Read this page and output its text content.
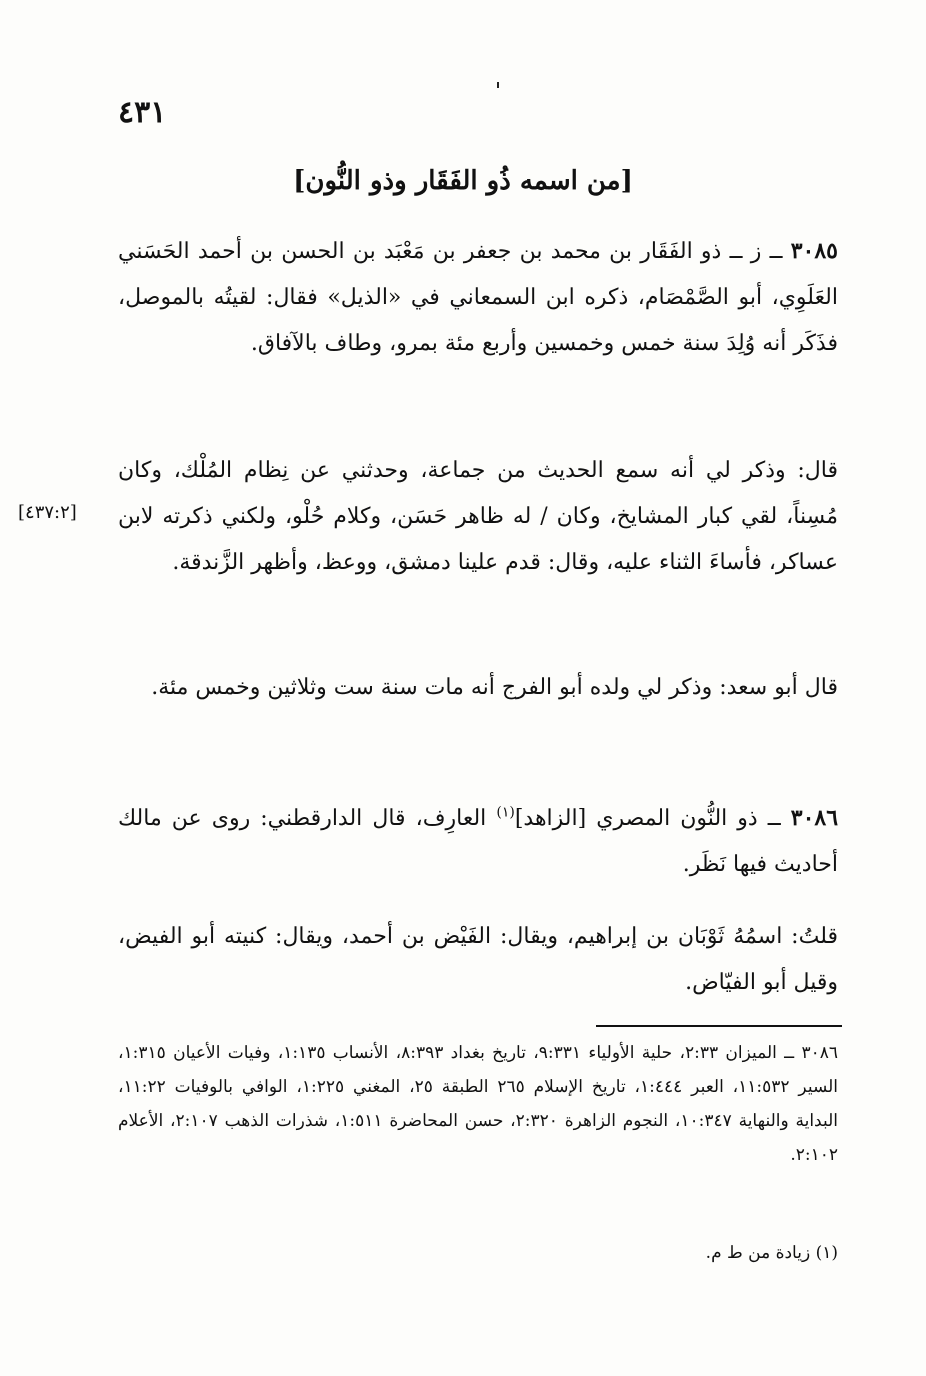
٤٣١
[من اسمه ذُو الفَقَار وذو النُّون]
٣٠٨٥ ــ ز ــ ذو الفَقَار بن محمد بن جعفر بن مَعْبَد بن الحسن بن أحمد الحَسَني العَلَوِي، أبو الصَّمْصَام، ذكره ابن السمعاني في «الذيل» فقال: لقيتُه بالموصل، فذَكَر أنه وُلِدَ سنة خمس وخمسين وأربع مئة بمرو، وطاف بالآفاق.
قال: وذكر لي أنه سمع الحديث من جماعة، وحدثني عن نِظام المُلْك، وكان مُسِناً، لقي كبار المشايخ، وكان / له ظاهر حَسَن، وكلام حُلْو، ولكني ذكرته لابن عساكر، فأساءَ الثناء عليه، وقال: قدم علينا دمشق، ووعظ، وأظهر الزَّندقة.
[٤٣٧:٢]
قال أبو سعد: وذكر لي ولده أبو الفرج أنه مات سنة ست وثلاثين وخمس مئة.
٣٠٨٦ ــ ذو النُّون المصري [الزاهد]$^{(١)}$ العارِف، قال الدارقطني: روى عن مالك أحاديث فيها نَظَر.
قلتُ: اسمُهُ ثَوْبَان بن إبراهيم، ويقال: الفَيْض بن أحمد، ويقال: كنيته أبو الفيض، وقيل أبو الفيّاض.
٣٠٨٦ ــ الميزان ٢:٣٣، حلية الأولياء ٩:٣٣١، تاريخ بغداد ٨:٣٩٣، الأنساب ١:١٣٥، وفيات الأعيان ١:٣١٥، السير ١١:٥٣٢، العبر ١:٤٤٤، تاريخ الإسلام ٢٦٥ الطبقة ٢٥، المغني ١:٢٢٥، الوافي بالوفيات ١١:٢٢، البداية والنهاية ١٠:٣٤٧، النجوم الزاهرة ٢:٣٢٠، حسن المحاضرة ١:٥١١، شذرات الذهب ٢:١٠٧، الأعلام ٢:١٠٢.
(١) زيادة من ط م.
